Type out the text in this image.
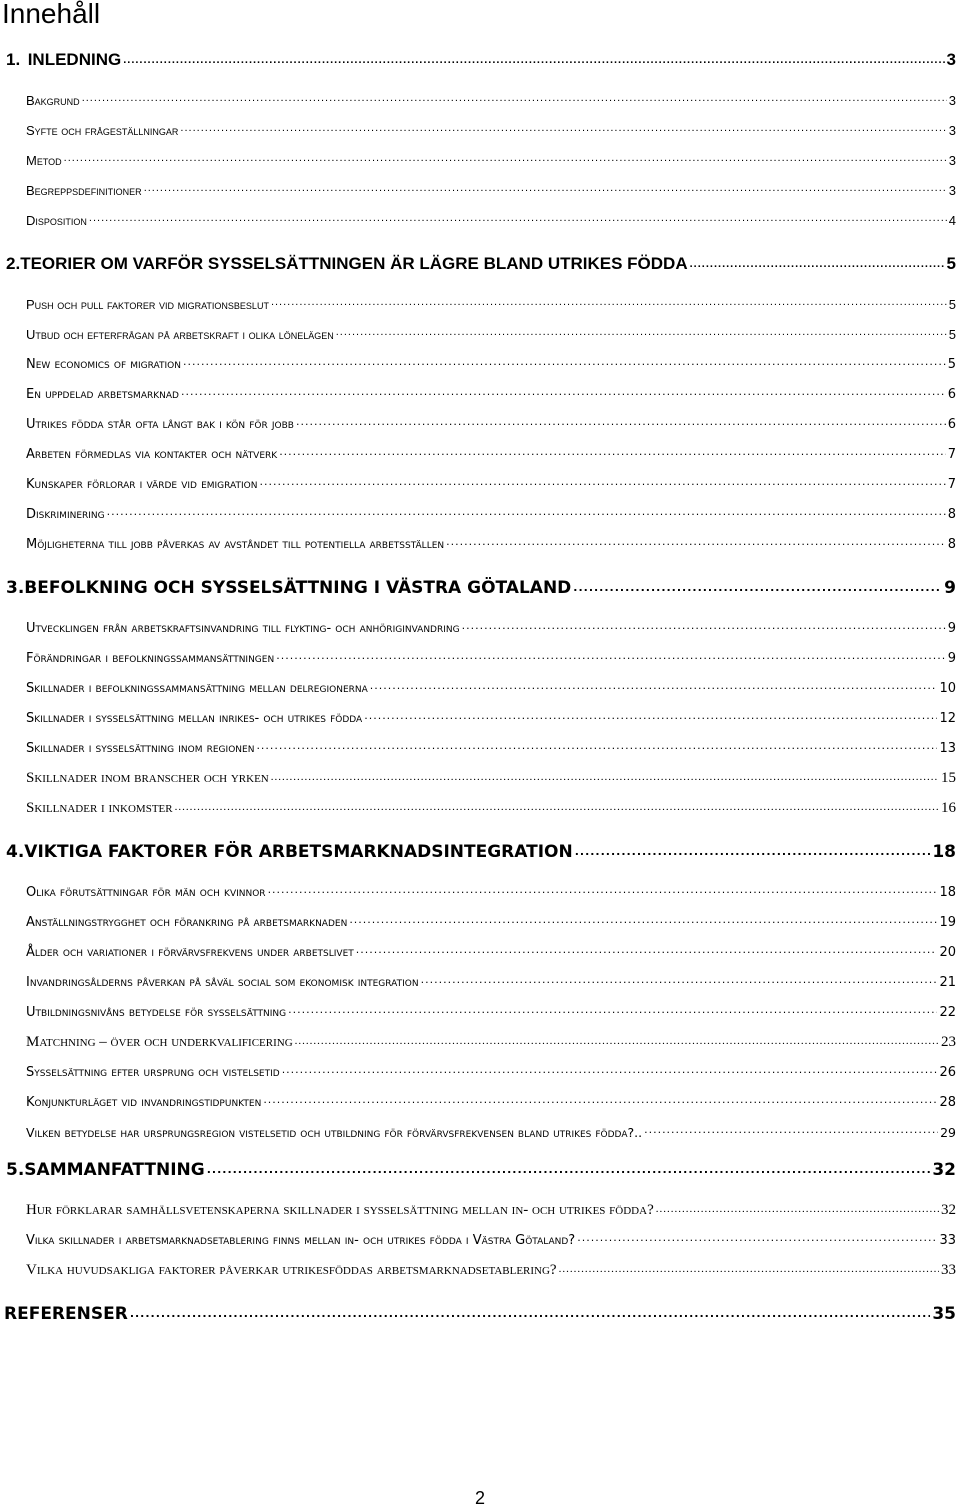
Innehåll
1. INLEDNING .....	3
Bakgrund .....	3
Syfte och frågeställningar .....	3
Metod .....	3
Begreppsdefinitioner .....	3
Disposition .....	4
2. TEORIER OM VARFÖR SYSSELSÄTTNINGEN ÄR LÄGRE BLAND UTRIKES FÖDDA .....	5
Push och pull faktorer vid migrationsbeslut .....	5
Utbud och efterfrågan på arbetskraft i olika lönelägen .....	5
New economics of migration .....	5
En uppdelad arbetsmarknad .....	6
Utrikes födda står ofta långt bak i kön för jobb .....	6
Arbeten förmedlas via kontakter och nätverk .....	7
Kunskaper förlorar i värde vid emigration .....	7
Diskriminering .....	8
Möjligheterna till jobb påverkas av avståndet till potentiella arbetsställen .....	8
3. BEFOLKNING OCH SYSSELSÄTTNING I VÄSTRA GÖTALAND .....	9
Utvecklingen från arbetskraftsinvandring till flykting- och anhöriginvandring .....	9
Förändringar i befolkningssammansättningen .....	9
Skillnader i befolkningssammansättning mellan delregionerna .....	10
Skillnader i sysselsättning mellan inrikes- och utrikes födda .....	12
Skillnader i sysselsättning inom regionen .....	13
Skillnader inom branscher och yrken .....	15
Skillnader i inkomster .....	16
4. VIKTIGA FAKTORER FÖR ARBETSMARKNADSINTEGRATION .....	18
Olika förutsättningar för män och kvinnor .....	18
Anställningstrygghet och förankring på arbetsmarknaden .....	19
Ålder och variationer i förvärvsfrekvens under arbetslivet .....	20
Invandringsålderns påverkan på såväl social som ekonomisk integration .....	21
Utbildningsnivåns betydelse för sysselsättning .....	22
Matchning – över och underkvalificering .....	23
Sysselsättning efter ursprung och vistelsetid .....	26
Konjunkturläget vid invandringstidpunkten .....	28
Vilken betydelse har ursprungsregion vistelsetid och utbildning för förvärvsfrekvensen bland utrikes födda?.. .....	29
5. SAMMANFATTNING .....	32
Hur förklarar samhällsvetenskaperna skillnader i sysselsättning mellan in- och utrikes födda? .....	32
Vilka skillnader i arbetsmarknadsetablering finns mellan in- och utrikes födda i Västra Götaland? .....	33
Vilka huvudsakliga faktorer påverkar utrikesföddas arbetsmarknadsetablering? .....	33
REFERENSER .....	35
2
